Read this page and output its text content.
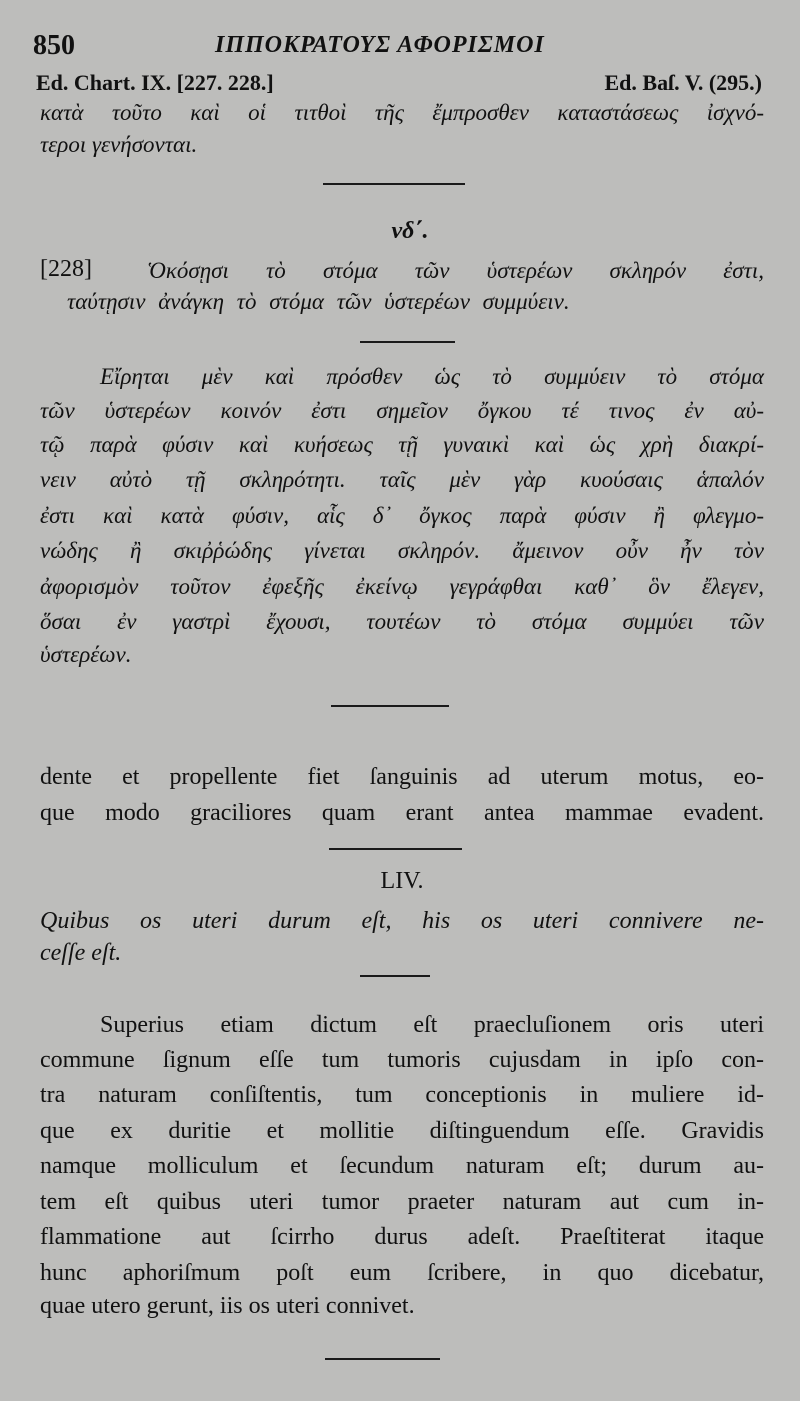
850	ΙΠΠΟΚΡΑΤΟΥΣ ΑΦΟΡΙΣΜΟΙ
Ed. Chart. IX. [227. 228.]	Ed. Baſ. V. (295.)
κατὰ τοῦτο καὶ οἱ τιτθοὶ τῆς ἔμπροσθεν καταστάσεως ἰσχνό-
τεροι γενήσονται.
νδ΄.
[228] Ὁκόσῃσι τὸ στόμα τῶν ὑστερέων σκληρόν ἐστι,
ταύτῃσιν ἀνάγκη τὸ στόμα τῶν ὑστερέων συμμύειν.
Εἴρηται μὲν καὶ πρόσθεν ὡς τὸ συμμύειν τὸ στόμα
τῶν ὑστερέων κοινόν ἐστι σημεῖον ὄγκου τέ τινος ἐν αὐ-
τῷ παρὰ φύσιν καὶ κυήσεως τῇ γυναικὶ καὶ ὡς χρὴ διακρί-
νειν αὐτὸ τῇ σκληρότητι. ταῖς μὲν γὰρ κυούσαις ἁπαλόν
ἐστι καὶ κατὰ φύσιν, αἷς δ᾽ ὄγκος παρὰ φύσιν ἢ φλεγμο-
νώδης ἢ σκιῤῥώδης γίνεται σκληρόν. ἄμεινον οὖν ἦν τὸν
ἀφορισμὸν τοῦτον ἐφεξῆς ἐκείνῳ γεγράφθαι καθ᾽ ὃν ἔλεγεν,
ὅσαι ἐν γαστρὶ ἔχουσι, τουτέων τὸ στόμα συμμύει τῶν
ὑστερέων.
dente et propellente fiet ſanguinis ad uterum motus, eo-
que modo graciliores quam erant antea mammae evadent.
LIV.
Quibus os uteri durum eſt, his os uteri connivere ne-
ceſſe eſt.
Superius etiam dictum eſt praecluſionem oris uteri
commune ſignum eſſe tum tumoris cujusdam in ipſo con-
tra naturam conſiſtentis, tum conceptionis in muliere id-
que ex duritie et mollitie diſtinguendum eſſe. Gravidis
namque molliculum et ſecundum naturam eſt; durum au-
tem eſt quibus uteri tumor praeter naturam aut cum in-
flammatione aut ſcirrho durus adeſt. Praeſtiterat itaque
hunc aphoriſmum poſt eum ſcribere, in quo dicebatur,
quae utero gerunt, iis os uteri connivet.
